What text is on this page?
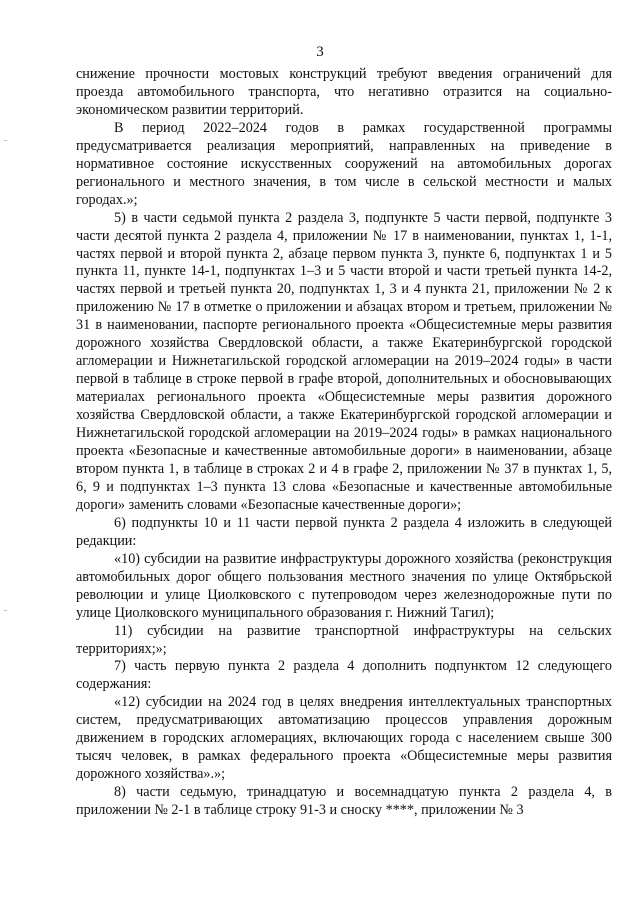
3

снижение прочности мостовых конструкций требуют введения ограничений для проезда автомобильного транспорта, что негативно отразится на социально-экономическом развитии территорий.

В период 2022–2024 годов в рамках государственной программы предусматривается реализация мероприятий, направленных на приведение в нормативное состояние искусственных сооружений на автомобильных дорогах регионального и местного значения, в том числе в сельской местности и малых городах.»;

5) в части седьмой пункта 2 раздела 3, подпункте 5 части первой, подпункте 3 части десятой пункта 2 раздела 4, приложении № 17 в наименовании, пунктах 1, 1-1, частях первой и второй пункта 2, абзаце первом пункта 3, пункте 6, подпунктах 1 и 5 пункта 11, пункте 14-1, подпунктах 1–3 и 5 части второй и части третьей пункта 14-2, частях первой и третьей пункта 20, подпунктах 1, 3 и 4 пункта 21, приложении № 2 к приложению № 17 в отметке о приложении и абзацах втором и третьем, приложении № 31 в наименовании, паспорте регионального проекта «Общесистемные меры развития дорожного хозяйства Свердловской области, а также Екатеринбургской городской агломерации и Нижнетагильской городской агломерации на 2019–2024 годы» в части первой в таблице в строке первой в графе второй, дополнительных и обосновывающих материалах регионального проекта «Общесистемные меры развития дорожного хозяйства Свердловской области, а также Екатеринбургской городской агломерации и Нижнетагильской городской агломерации на 2019–2024 годы» в рамках национального проекта «Безопасные и качественные автомобильные дороги» в наименовании, абзаце втором пункта 1, в таблице в строках 2 и 4 в графе 2, приложении № 37 в пунктах 1, 5, 6, 9 и подпунктах 1–3 пункта 13 слова «Безопасные и качественные автомобильные дороги» заменить словами «Безопасные качественные дороги»;

6) подпункты 10 и 11 части первой пункта 2 раздела 4 изложить в следующей редакции:

«10) субсидии на развитие инфраструктуры дорожного хозяйства (реконструкция автомобильных дорог общего пользования местного значения по улице Октябрьской революции и улице Циолковского с путепроводом через железнодорожные пути по улице Циолковского муниципального образования г. Нижний Тагил);

11) субсидии на развитие транспортной инфраструктуры на сельских территориях;»;

7) часть первую пункта 2 раздела 4 дополнить подпунктом 12 следующего содержания:

«12) субсидии на 2024 год в целях внедрения интеллектуальных транспортных систем, предусматривающих автоматизацию процессов управления дорожным движением в городских агломерациях, включающих города с населением свыше 300 тысяч человек, в рамках федерального проекта «Общесистемные меры развития дорожного хозяйства».»;

8) части седьмую, тринадцатую и восемнадцатую пункта 2 раздела 4, в приложении № 2-1 в таблице строку 91-3 и сноску ****, приложении № 3
